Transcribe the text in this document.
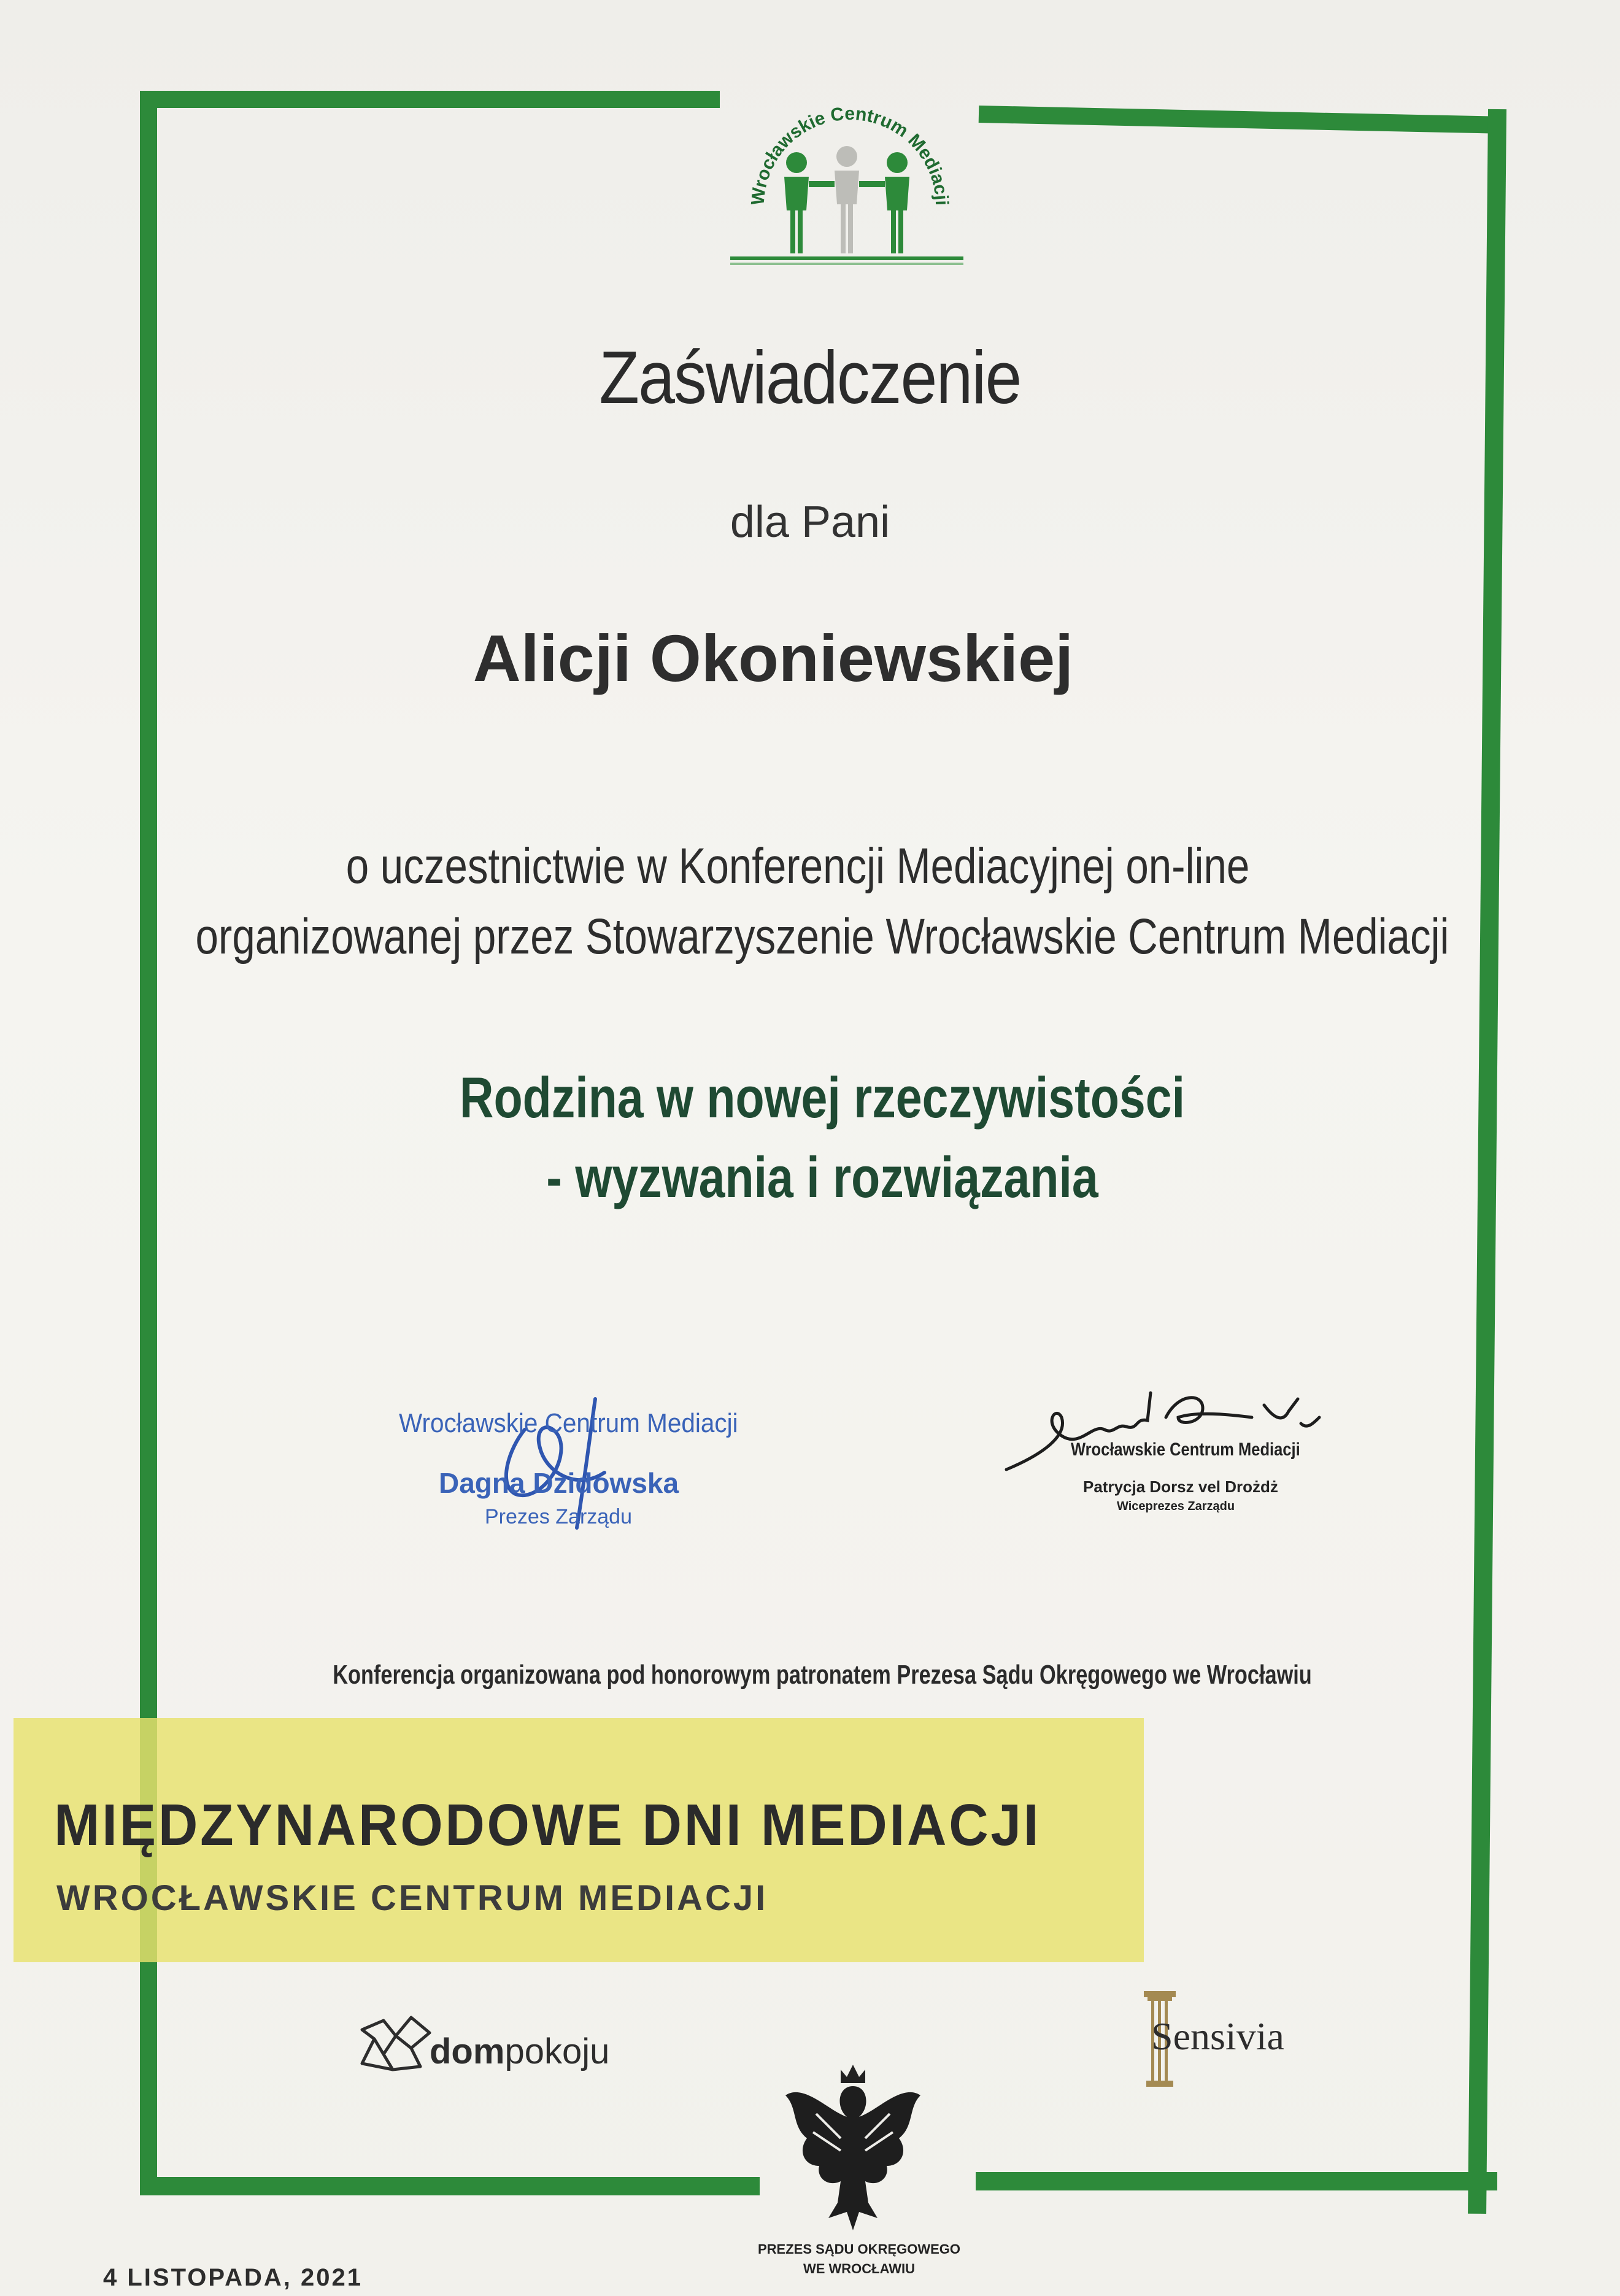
Wrocławskie Centrum Mediacji
Zaświadczenie
dla Pani
Alicji Okoniewskiej
o uczestnictwie w Konferencji Mediacyjnej on-line
organizowanej przez Stowarzyszenie Wrocławskie Centrum Mediacji
Rodzina w nowej rzeczywistości
- wyzwania i rozwiązania
Wrocławskie Centrum Mediacji
Dagna Dzidowska
Prezes Zarządu
Wrocławskie Centrum Mediacji
Patrycja Dorsz vel Drożdż
Wiceprezes Zarządu
Konferencja organizowana pod honorowym patronatem Prezesa Sądu Okręgowego we Wrocławiu
MIĘDZYNARODOWE DNI MEDIACJI
WROCŁAWSKIE CENTRUM MEDIACJI
dompokoju	Sensivia
PREZES SĄDU OKRĘGOWEGO
WE WROCŁAWIU
4 LISTOPADA, 2021
